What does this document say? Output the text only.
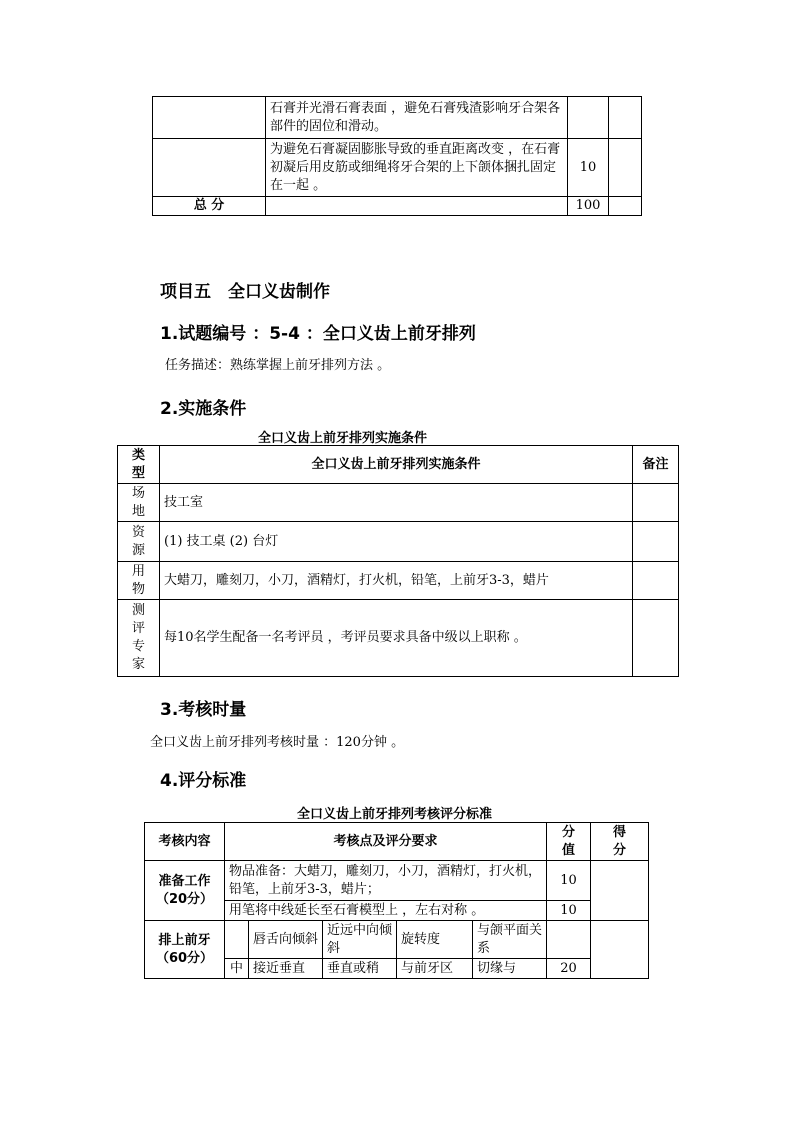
	石膏并光滑石膏表面 ，避免石膏残渣影响牙合架各部件的固位和滑动。		
	为避免石膏凝固膨胀导致的垂直距离改变 ，在石膏初凝后用皮筋或细绳将牙合架的上下颌体捆扎固定在一起 。	10	
总 分		100	
项目五　全口义齿制作
1.试题编号 ：5-4 ：全口义齿上前牙排列
任务描述：熟练掌握上前牙排列方法 。
2.实施条件
全口义齿上前牙排列实施条件
类型	全口义齿上前牙排列实施条件	备注
场地	技工室	
资源	(1) 技工桌 (2) 台灯	
用物	大蜡刀，雕刻刀，小刀，酒精灯，打火机，铅笔，上前牙3-3，蜡片	
测评专家	每10名学生配备一名考评员 ，考评员要求具备中级以上职称 。	
3.考核时量
全口义齿上前牙排列考核时量 ：120分钟 。
4.评分标准
全口义齿上前牙排列考核评分标准
考核内容	考核点及评分要求					分值	得分
准备工作（20分）	物品准备：大蜡刀，雕刻刀，小刀，酒精灯，打火机，铅笔，上前牙3-3，蜡片；					10	
	用笔将中线延长至石膏模型上 ，左右对称 。					10	
排上前牙（60分）		唇舌向倾斜	近远中向倾斜	旋转度	与颌平面关系		
	中	接近垂直	垂直或稍	与前牙区	切缘与	20	
